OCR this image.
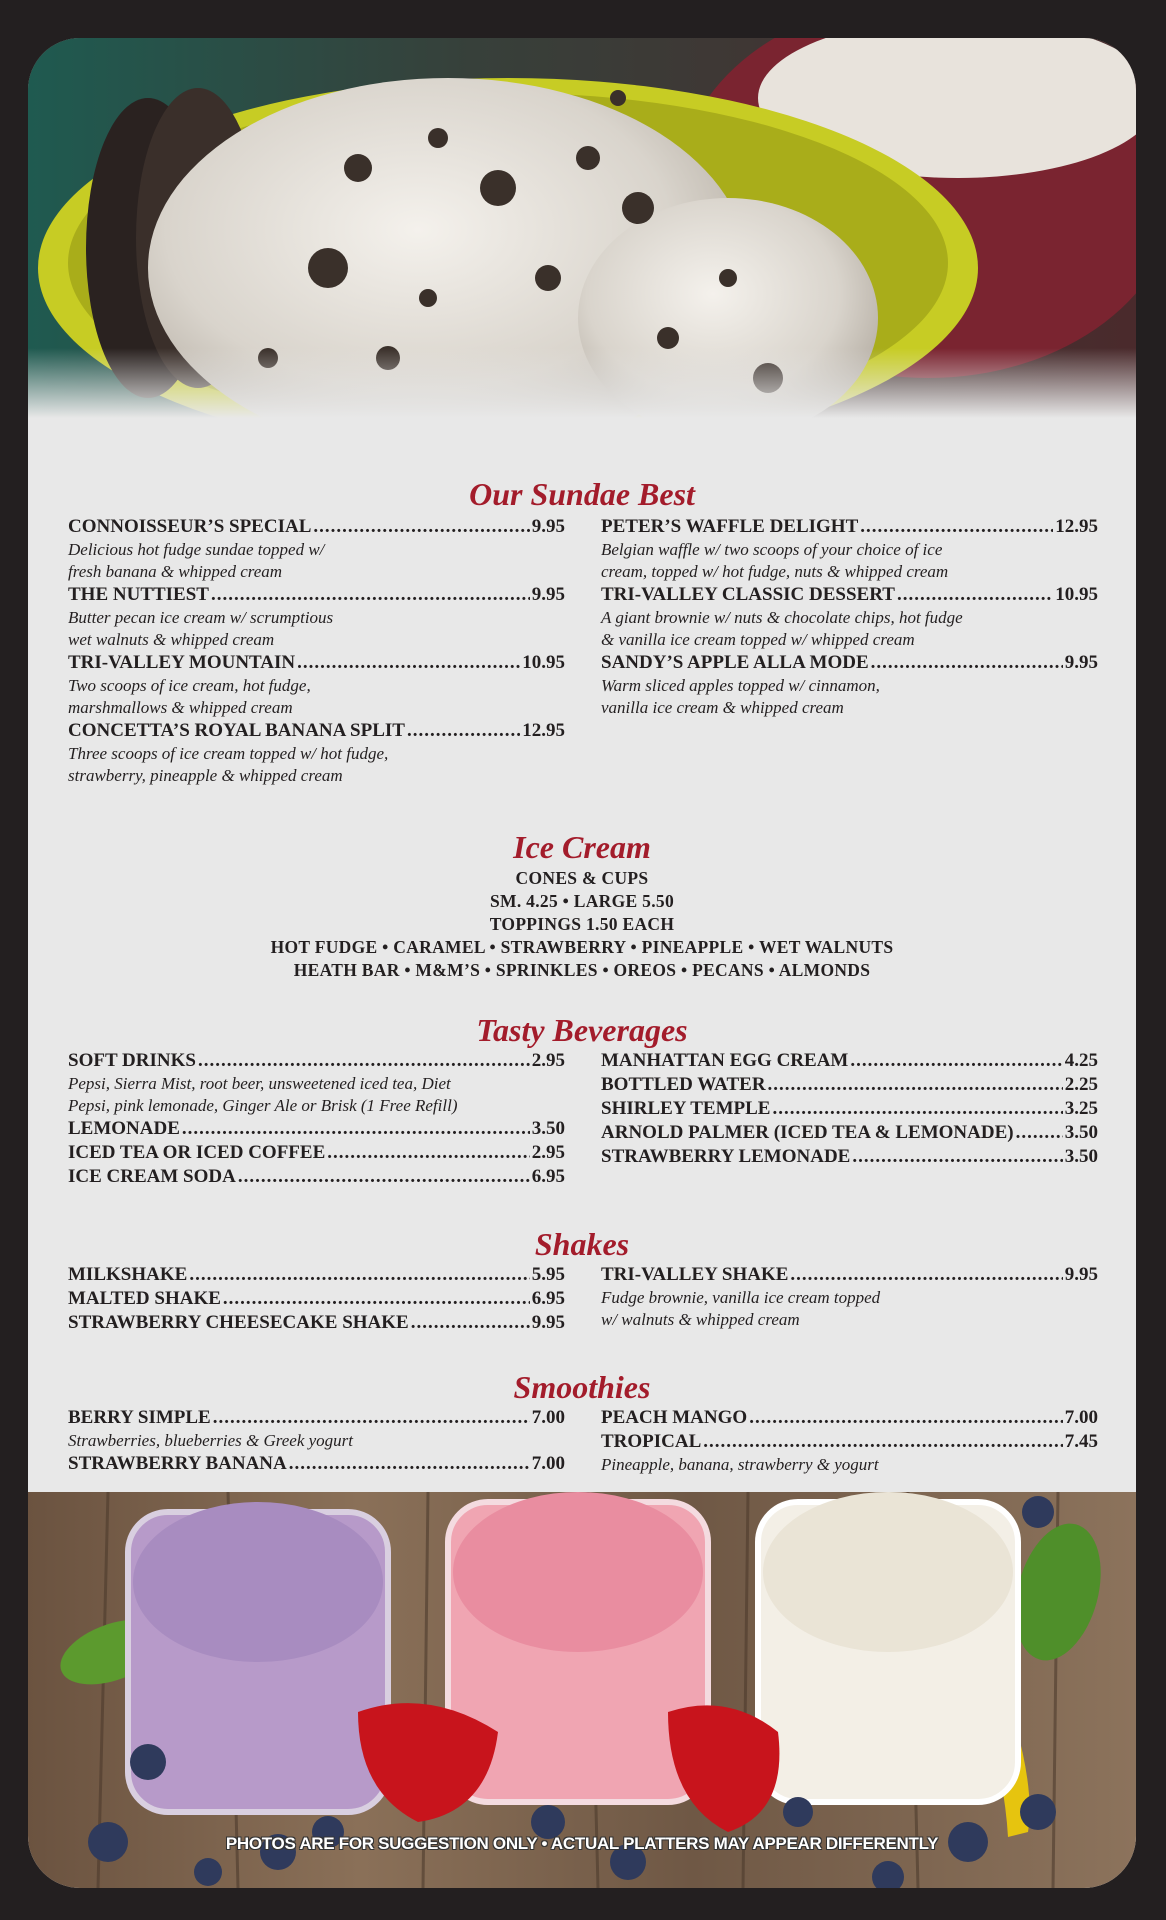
Our Sundae Best
CONNOISSEUR’S SPECIAL .....	9.95
Delicious hot fudge sundae topped w/
fresh banana & whipped cream
THE NUTTIEST .....	9.95
Butter pecan ice cream w/ scrumptious
wet walnuts & whipped cream
TRI-VALLEY MOUNTAIN .....	10.95
Two scoops of ice cream, hot fudge,
marshmallows & whipped cream
CONCETTA’S ROYAL BANANA SPLIT .....	12.95
Three scoops of ice cream topped w/ hot fudge,
strawberry, pineapple & whipped cream
PETER’S WAFFLE DELIGHT .....	12.95
Belgian waffle w/ two scoops of your choice of ice
cream, topped w/ hot fudge, nuts & whipped cream
TRI-VALLEY CLASSIC DESSERT .....	10.95
A giant brownie w/ nuts & chocolate chips, hot fudge
& vanilla ice cream topped w/ whipped cream
SANDY’S APPLE ALLA MODE .....	9.95
Warm sliced apples topped w/ cinnamon,
vanilla ice cream & whipped cream
Ice Cream
CONES & CUPS
SM. 4.25 • LARGE 5.50
TOPPINGS 1.50 EACH
HOT FUDGE • CARAMEL • STRAWBERRY • PINEAPPLE • WET WALNUTS
HEATH BAR • M&M’S • SPRINKLES • OREOS • PECANS • ALMONDS
Tasty Beverages
SOFT DRINKS .....	2.95
Pepsi, Sierra Mist, root beer, unsweetened iced tea, Diet
Pepsi, pink lemonade, Ginger Ale or Brisk (1 Free Refill)
LEMONADE .....	3.50
ICED TEA OR ICED COFFEE .....	2.95
ICE CREAM SODA .....	6.95
MANHATTAN EGG CREAM .....	4.25
BOTTLED WATER .....	2.25
SHIRLEY TEMPLE .....	3.25
ARNOLD PALMER (ICED TEA & LEMONADE) .....	3.50
STRAWBERRY LEMONADE .....	3.50
Shakes
MILKSHAKE .....	5.95
MALTED SHAKE .....	6.95
STRAWBERRY CHEESECAKE SHAKE .....	9.95
TRI-VALLEY SHAKE .....	9.95
Fudge brownie, vanilla ice cream topped
w/ walnuts & whipped cream
Smoothies
BERRY SIMPLE .....	7.00
Strawberries, blueberries & Greek yogurt
STRAWBERRY BANANA .....	7.00
PEACH MANGO .....	7.00
TROPICAL .....	7.45
Pineapple, banana, strawberry & yogurt
PHOTOS ARE FOR SUGGESTION ONLY • ACTUAL PLATTERS MAY APPEAR DIFFERENTLY
